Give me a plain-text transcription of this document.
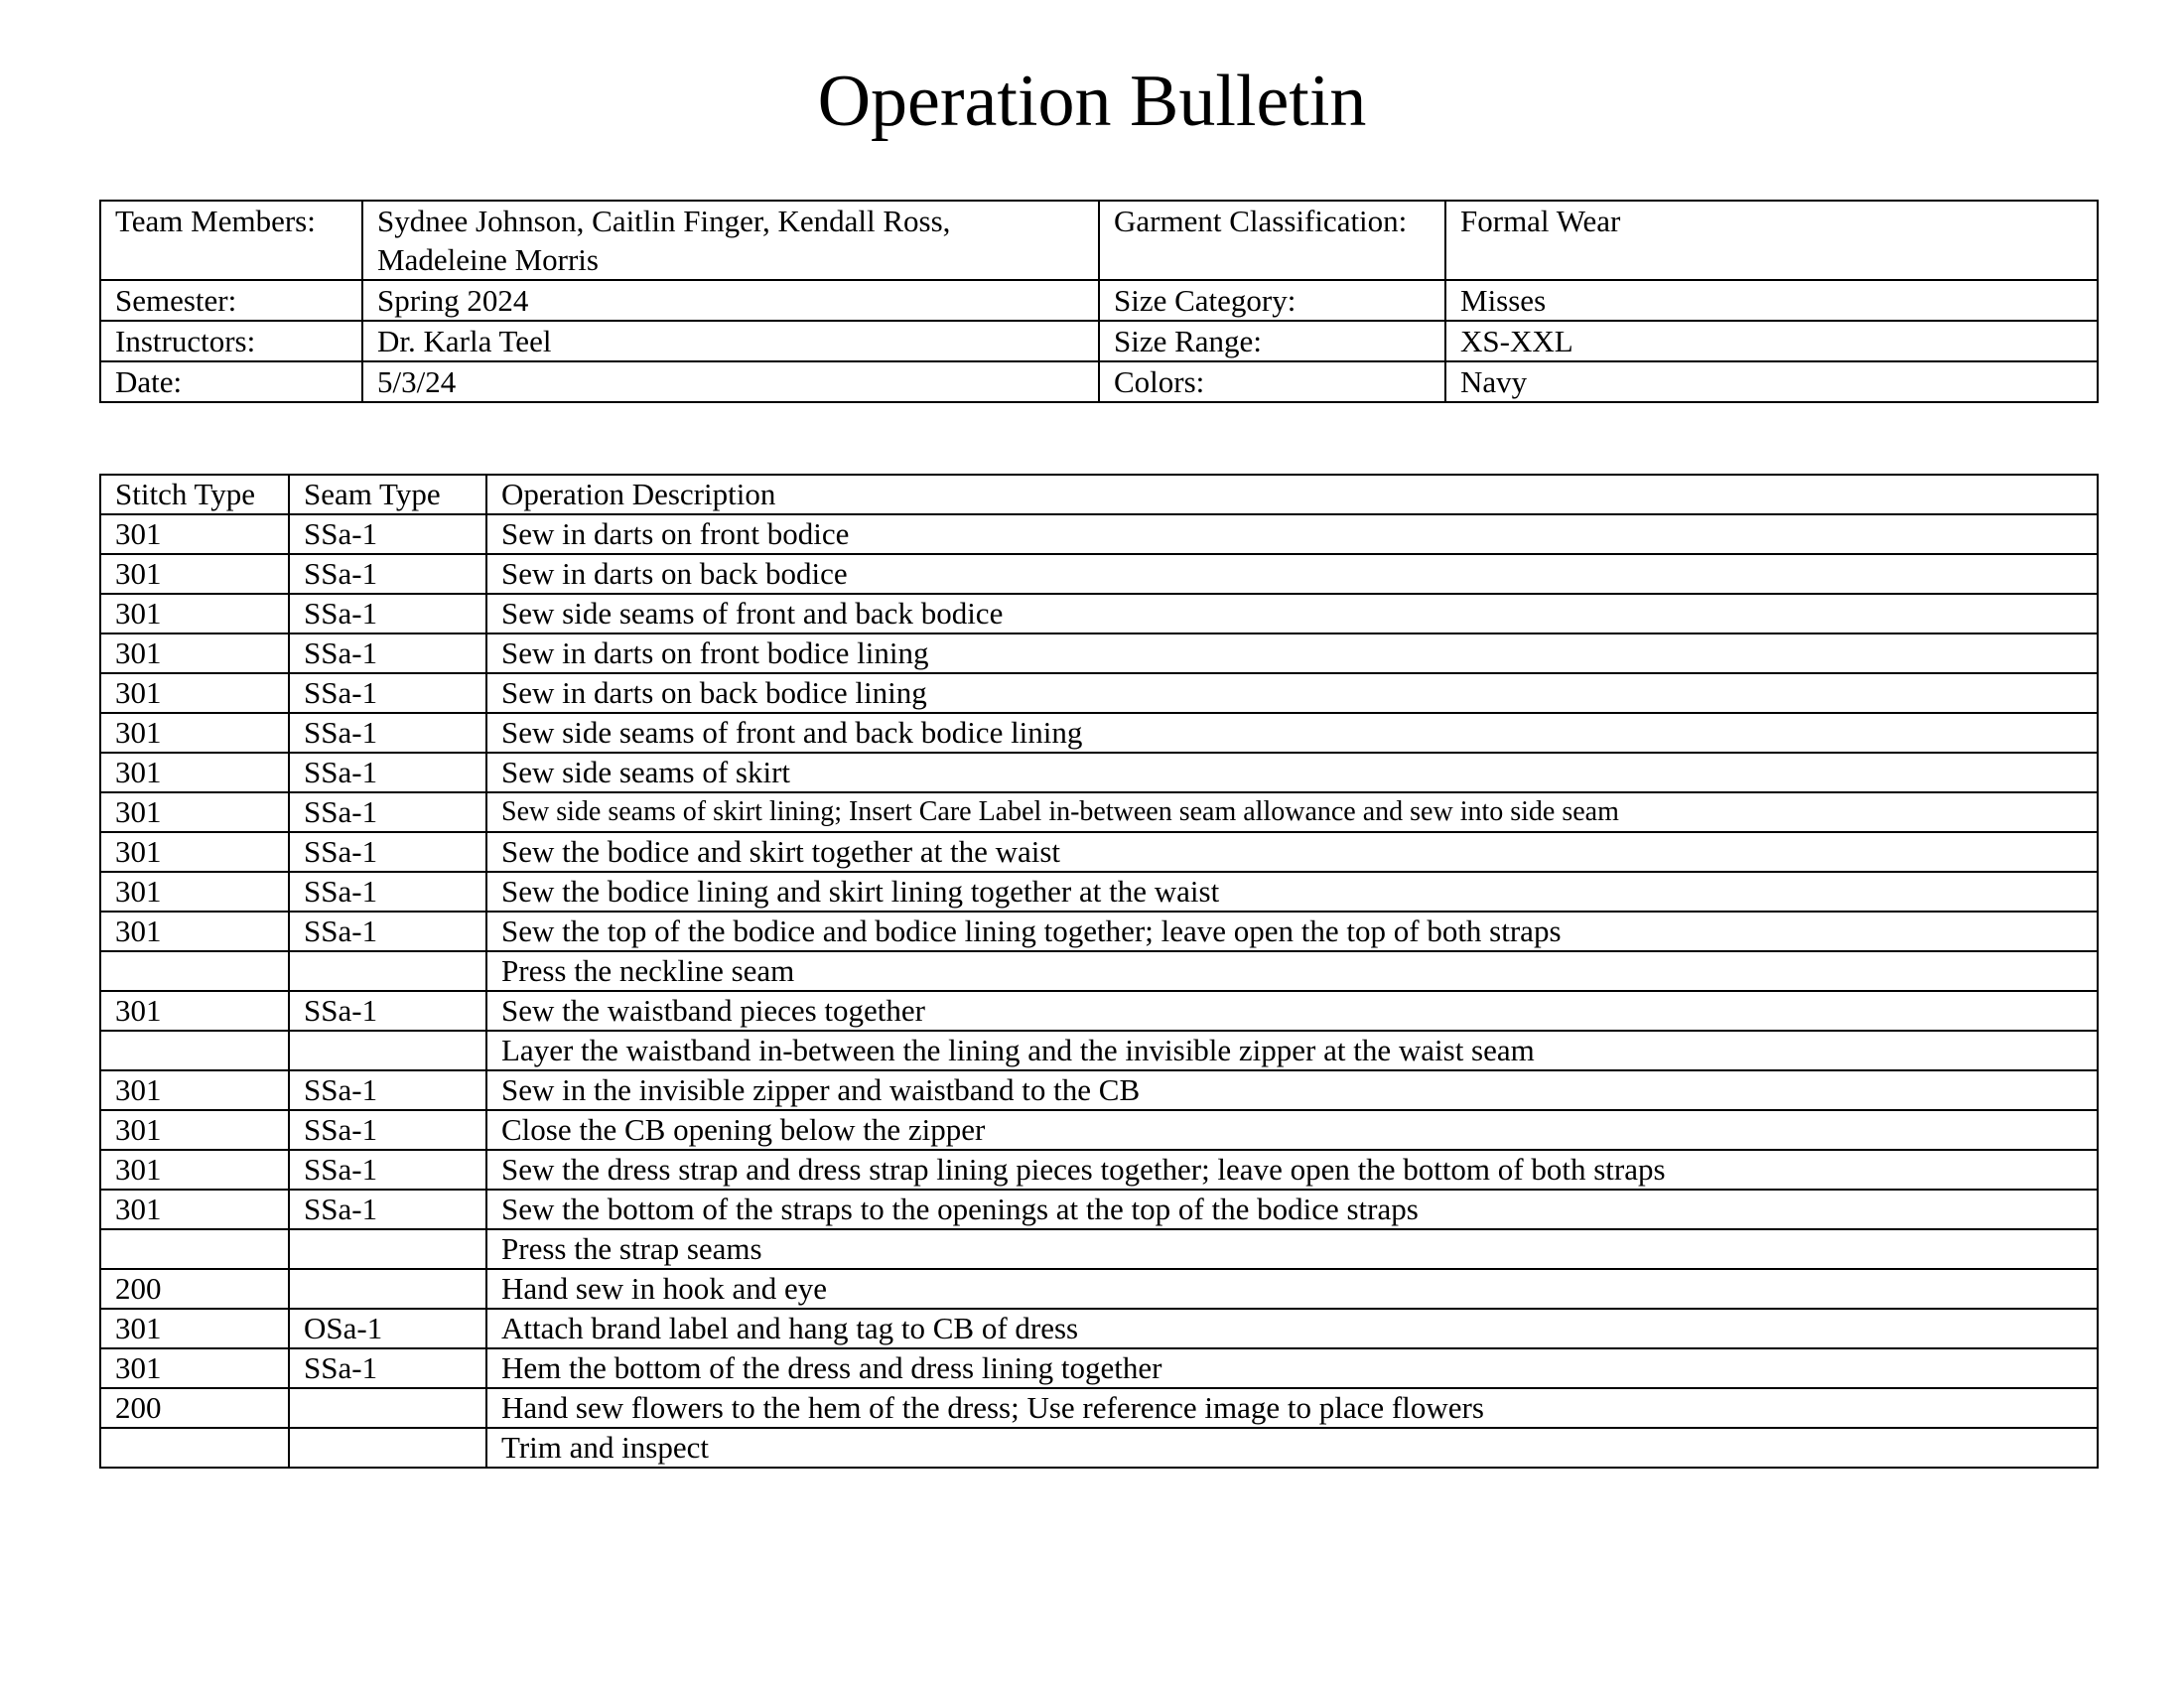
Operation Bulletin
Team Members:	Sydnee Johnson, Caitlin Finger, Kendall Ross, Madeleine Morris	Garment Classification:	Formal Wear
Semester:	Spring 2024	Size Category:	Misses
Instructors:	Dr. Karla Teel	Size Range:	XS-XXL
Date:	5/3/24	Colors:	Navy
Stitch Type	Seam Type	Operation Description
301	SSa-1	Sew in darts on front bodice
301	SSa-1	Sew in darts on back bodice
301	SSa-1	Sew side seams of front and back bodice
301	SSa-1	Sew in darts on front bodice lining
301	SSa-1	Sew in darts on back bodice lining
301	SSa-1	Sew side seams of front and back bodice lining
301	SSa-1	Sew side seams of skirt
301	SSa-1	Sew side seams of skirt lining; Insert Care Label in-between seam allowance and sew into side seam
301	SSa-1	Sew the bodice and skirt together at the waist
301	SSa-1	Sew the bodice lining and skirt lining together at the waist
301	SSa-1	Sew the top of the bodice and bodice lining together; leave open the top of both straps
		Press the neckline seam
301	SSa-1	Sew the waistband pieces together
		Layer the waistband in-between the lining and the invisible zipper at the waist seam
301	SSa-1	Sew in the invisible zipper and waistband to the CB
301	SSa-1	Close the CB opening below the zipper
301	SSa-1	Sew the dress strap and dress strap lining pieces together; leave open the bottom of both straps
301	SSa-1	Sew the bottom of the straps to the openings at the top of the bodice straps
		Press the strap seams
200		Hand sew in hook and eye
301	OSa-1	Attach brand label and hang tag to CB of dress
301	SSa-1	Hem the bottom of the dress and dress lining together
200		Hand sew flowers to the hem of the dress; Use reference image to place flowers
		Trim and inspect
